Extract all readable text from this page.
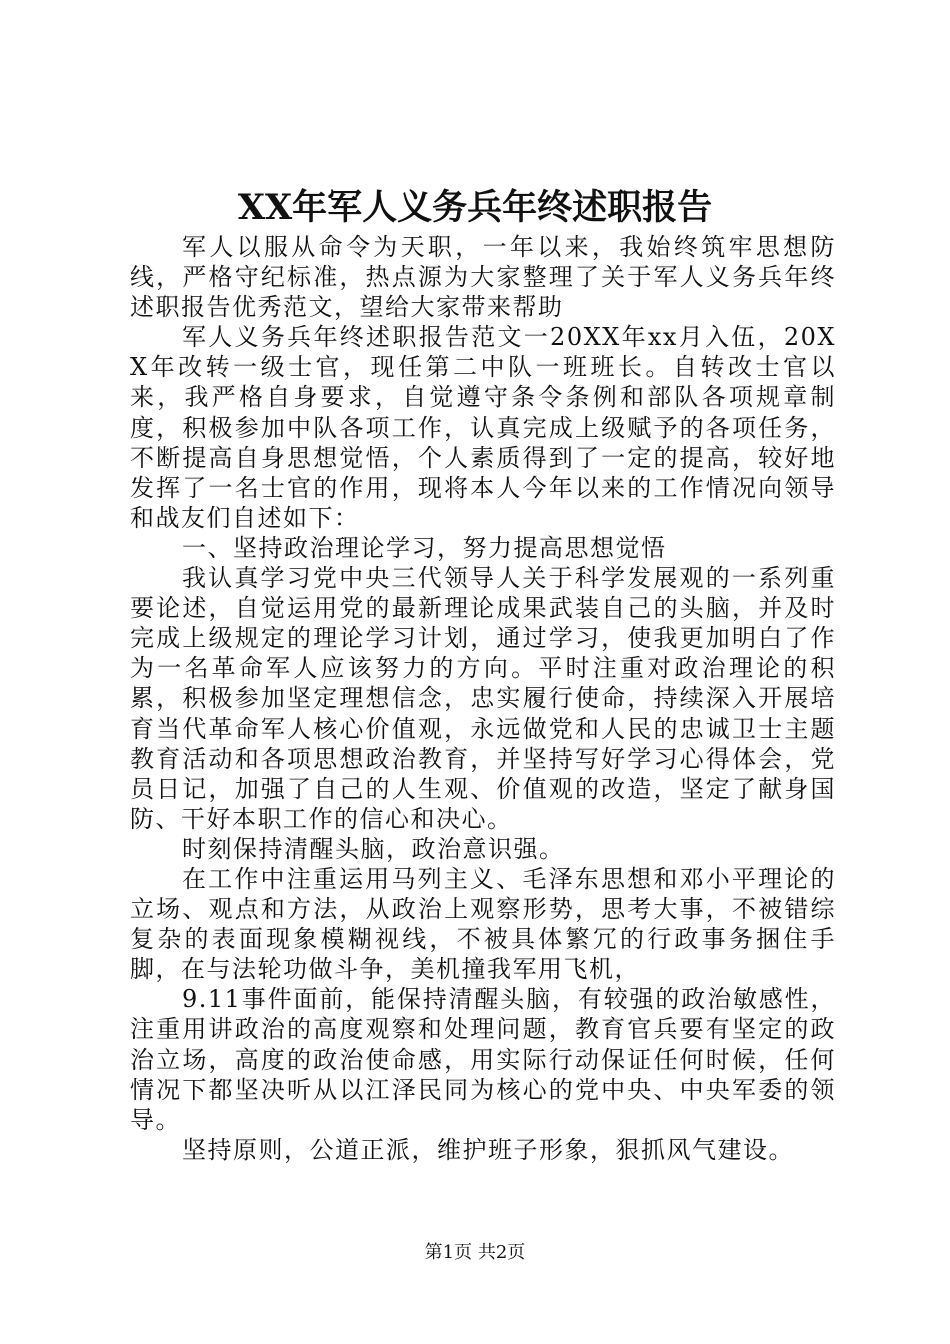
XX年军人义务兵年终述职报告

军人以服从命令为天职，一年以来，我始终筑牢思想防线，严格守纪标准，热点源为大家整理了关于军人义务兵年终述职报告优秀范文，望给大家带来帮助

军人义务兵年终述职报告范文一20XX年xx月入伍，20XX年改转一级士官，现任第二中队一班班长。自转改士官以来，我严格自身要求，自觉遵守条令条例和部队各项规章制度，积极参加中队各项工作，认真完成上级赋予的各项任务，不断提高自身思想觉悟，个人素质得到了一定的提高，较好地发挥了一名士官的作用，现将本人今年以来的工作情况向领导和战友们自述如下：

一、坚持政治理论学习，努力提高思想觉悟

我认真学习党中央三代领导人关于科学发展观的一系列重要论述，自觉运用党的最新理论成果武装自己的头脑，并及时完成上级规定的理论学习计划，通过学习，使我更加明白了作为一名革命军人应该努力的方向。平时注重对政治理论的积累，积极参加坚定理想信念，忠实履行使命，持续深入开展培育当代革命军人核心价值观，永远做党和人民的忠诚卫士主题教育活动和各项思想政治教育，并坚持写好学习心得体会，党员日记，加强了自己的人生观、价值观的改造，坚定了献身国防、干好本职工作的信心和决心。

时刻保持清醒头脑，政治意识强。

在工作中注重运用马列主义、毛泽东思想和邓小平理论的立场、观点和方法，从政治上观察形势，思考大事，不被错综复杂的表面现象模糊视线，不被具体繁冗的行政事务捆住手脚，在与法轮功做斗争，美机撞我军用飞机，

9.11事件面前，能保持清醒头脑，有较强的政治敏感性，注重用讲政治的高度观察和处理问题，教育官兵要有坚定的政治立场，高度的政治使命感，用实际行动保证任何时候，任何情况下都坚决听从以江泽民同为核心的党中央、中央军委的领导。

坚持原则，公道正派，维护班子形象，狠抓风气建设。

第1页 共2页
